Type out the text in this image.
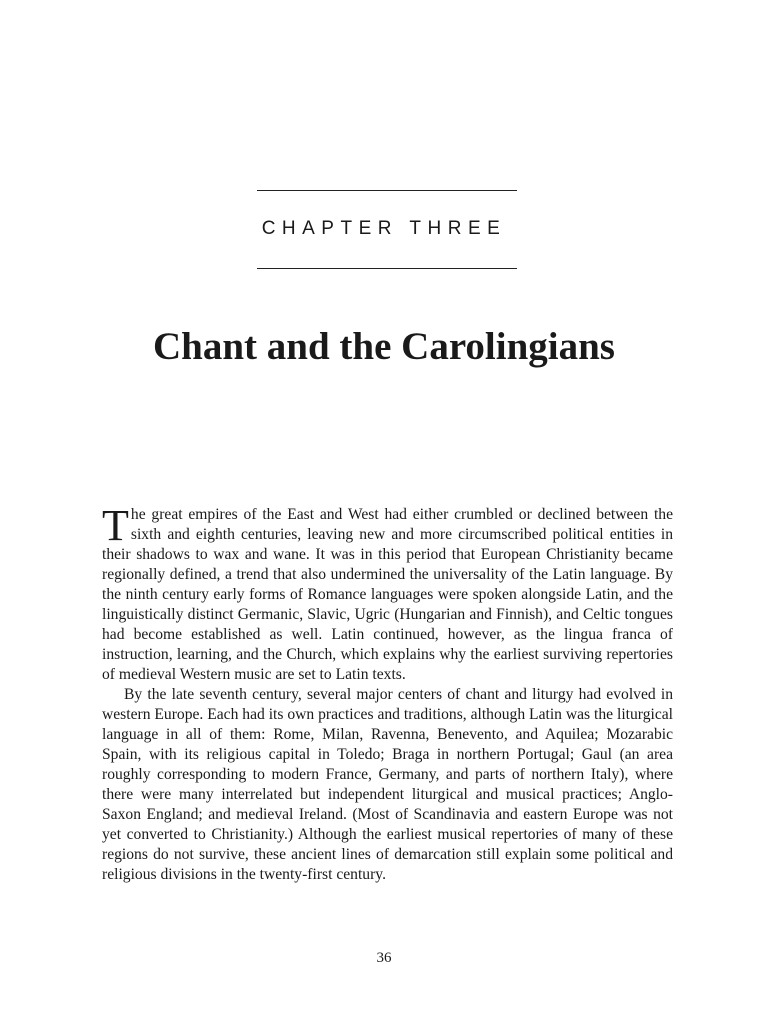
CHAPTER THREE
Chant and the Carolingians

The great empires of the East and West had either crumbled or declined between the sixth and eighth centuries, leaving new and more circumscribed political entities in their shadows to wax and wane. It was in this period that European Christianity became regionally defined, a trend that also undermined the universality of the Latin language. By the ninth century early forms of Romance languages were spoken alongside Latin, and the linguistically distinct Germanic, Slavic, Ugric (Hungarian and Finnish), and Celtic tongues had become established as well. Latin continued, however, as the lingua franca of instruction, learning, and the Church, which explains why the earliest surviving repertories of medieval Western music are set to Latin texts.

By the late seventh century, several major centers of chant and liturgy had evolved in western Europe. Each had its own practices and traditions, although Latin was the liturgical language in all of them: Rome, Milan, Ravenna, Benevento, and Aquilea; Mozarabic Spain, with its religious capital in Toledo; Braga in northern Portugal; Gaul (an area roughly corresponding to modern France, Germany, and parts of northern Italy), where there were many interrelated but independent liturgical and musical practices; Anglo-Saxon England; and medieval Ireland. (Most of Scandinavia and eastern Europe was not yet converted to Christianity.) Although the earliest musical repertories of many of these regions do not survive, these ancient lines of demarcation still explain some political and religious divisions in the twenty-first century.

36
